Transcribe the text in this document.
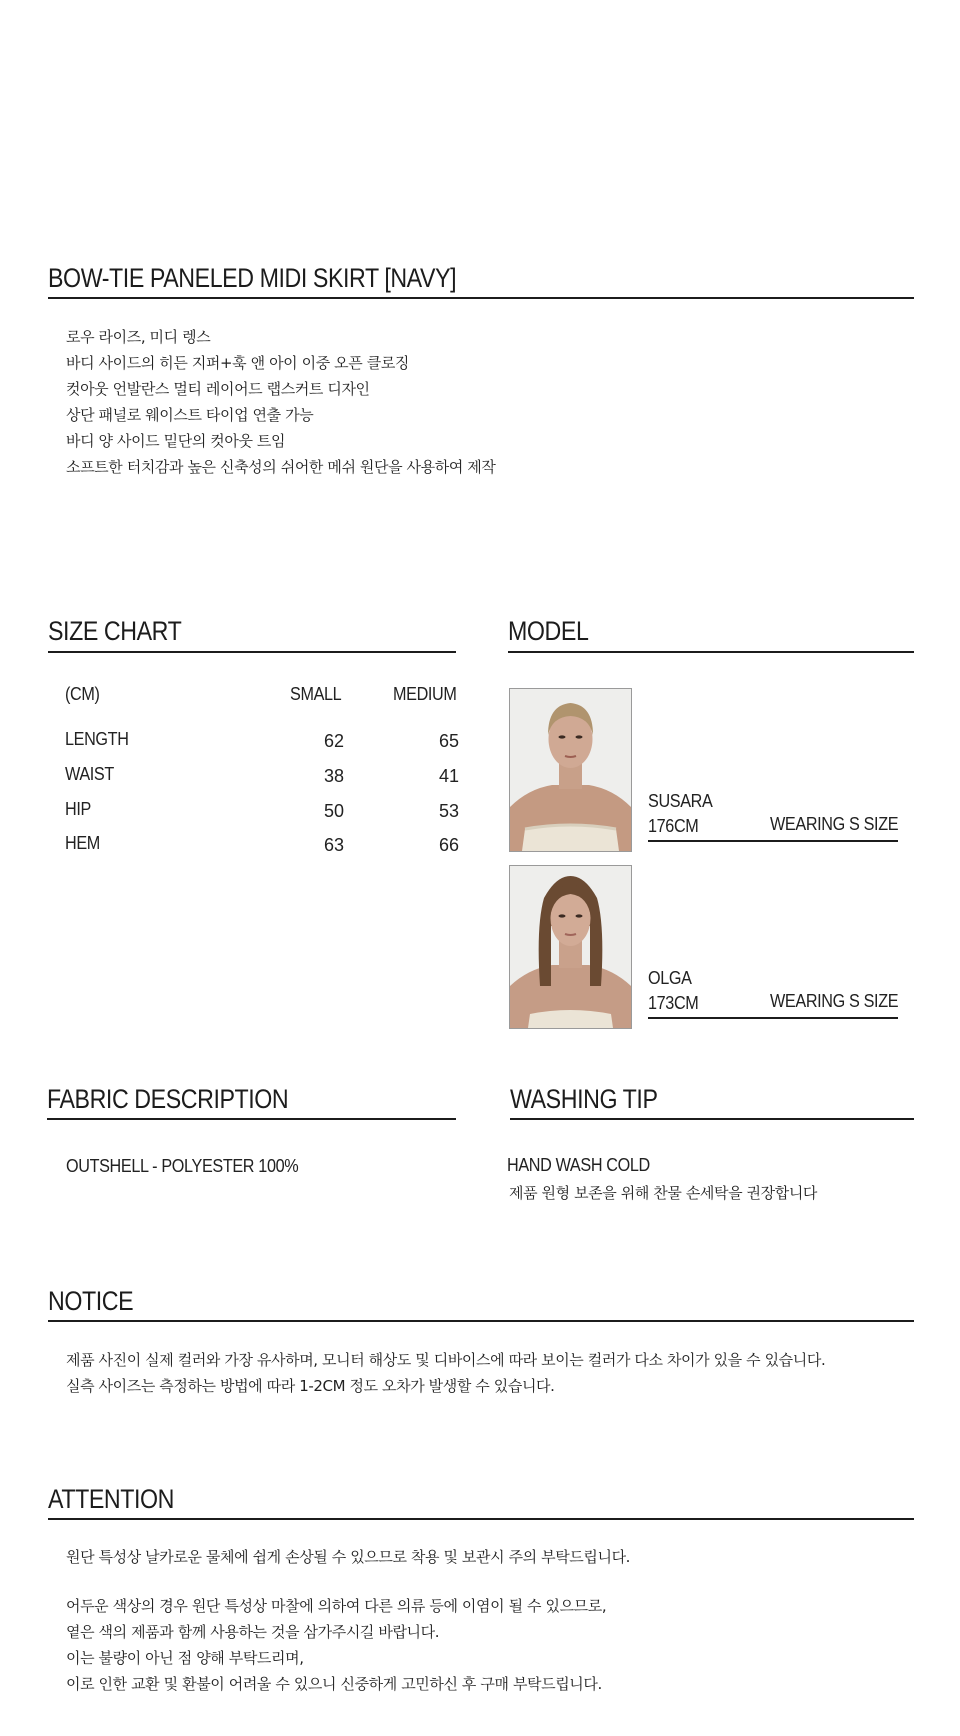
BOW-TIE PANELED MIDI SKIRT [NAVY]
로우 라이즈, 미디 렝스
바디 사이드의 히든 지퍼+훅 앤 아이 이중 오픈 클로징
컷아웃 언발란스 멀티 레이어드 랩스커트 디자인
상단 패널로 웨이스트 타이업 연출 가능
바디 양 사이드 밑단의 컷아웃 트임
소프트한 터치감과 높은 신축성의 쉬어한 메쉬 원단을 사용하여 제작
SIZE CHART
(CM)	SMALL	MEDIUM
LENGTH	62	65
WAIST	38	41
HIP	50	53
HEM	63	66
MODEL
SUSARA
176CM	WEARING S SIZE
OLGA
173CM	WEARING S SIZE
FABRIC DESCRIPTION
OUTSHELL - POLYESTER 100%
WASHING TIP
HAND WASH COLD
제품 원형 보존을 위해 찬물 손세탁을 권장합니다
NOTICE
제품 사진이 실제 컬러와 가장 유사하며, 모니터 해상도 및 디바이스에 따라 보이는 컬러가 다소 차이가 있을 수 있습니다.
실측 사이즈는 측정하는 방법에 따라 1-2CM 정도 오차가 발생할 수 있습니다.
ATTENTION
원단 특성상 날카로운 물체에 쉽게 손상될 수 있으므로 착용 및 보관시 주의 부탁드립니다.
어두운 색상의 경우 원단 특성상 마찰에 의하여 다른 의류 등에 이염이 될 수 있으므로,
옅은 색의 제품과 함께 사용하는 것을 삼가주시길 바랍니다.
이는 불량이 아닌 점 양해 부탁드리며,
이로 인한 교환 및 환불이 어려울 수 있으니 신중하게 고민하신 후 구매 부탁드립니다.
